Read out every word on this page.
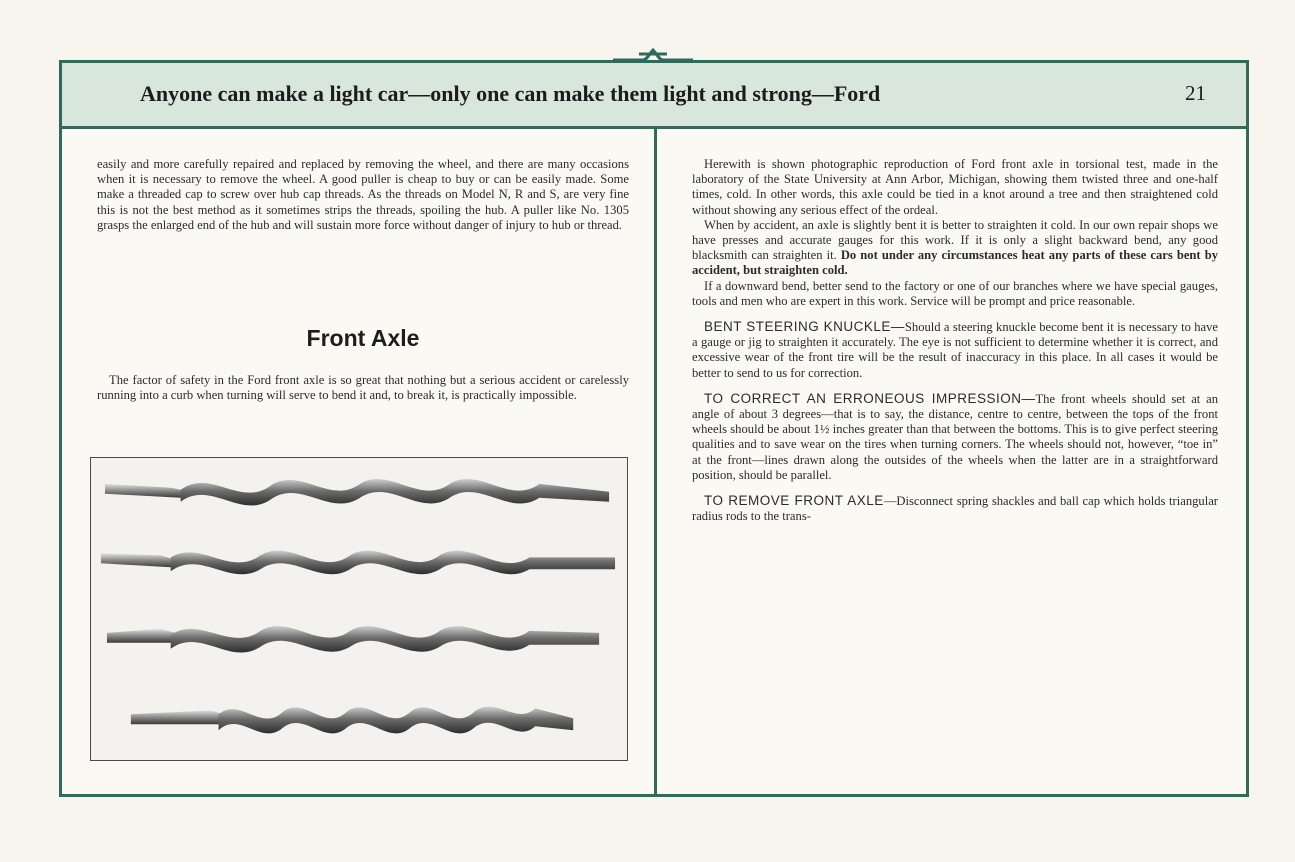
Anyone can make a light car—only one can make them light and strong—Ford	21

easily and more carefully repaired and replaced by removing the wheel, and there are many occasions when it is necessary to remove the wheel. A good puller is cheap to buy or can be easily made. Some make a threaded cap to screw over hub cap threads. As the threads on Model N, R and S, are very fine this is not the best method as it sometimes strips the threads, spoiling the hub. A puller like No. 1305 grasps the enlarged end of the hub and will sustain more force without danger of injury to hub or thread.

Front Axle

The factor of safety in the Ford front axle is so great that nothing but a serious accident or carelessly running into a curb when turning will serve to bend it and, to break it, is practically impossible.

Herewith is shown photographic reproduction of Ford front axle in torsional test, made in the laboratory of the State University at Ann Arbor, Michigan, showing them twisted three and one-half times, cold. In other words, this axle could be tied in a knot around a tree and then straightened cold without showing any serious effect of the ordeal.

When by accident, an axle is slightly bent it is better to straighten it cold. In our own repair shops we have presses and accurate gauges for this work. If it is only a slight backward bend, any good blacksmith can straighten it. Do not under any circumstances heat any parts of these cars bent by accident, but straighten cold.

If a downward bend, better send to the factory or one of our branches where we have special gauges, tools and men who are expert in this work. Service will be prompt and price reasonable.

BENT STEERING KNUCKLE—Should a steering knuckle become bent it is necessary to have a gauge or jig to straighten it accurately. The eye is not sufficient to determine whether it is correct, and excessive wear of the front tire will be the result of inaccuracy in this place. In all cases it would be better to send to us for correction.

TO CORRECT AN ERRONEOUS IMPRESSION—The front wheels should set at an angle of about 3 degrees—that is to say, the distance, centre to centre, between the tops of the front wheels should be about 1½ inches greater than that between the bottoms. This is to give perfect steering qualities and to save wear on the tires when turning corners. The wheels should not, however, “toe in” at the front—lines drawn along the outsides of the wheels when the latter are in a straightforward position, should be parallel.

TO REMOVE FRONT AXLE—Disconnect spring shackles and ball cap which holds triangular radius rods to the trans-
